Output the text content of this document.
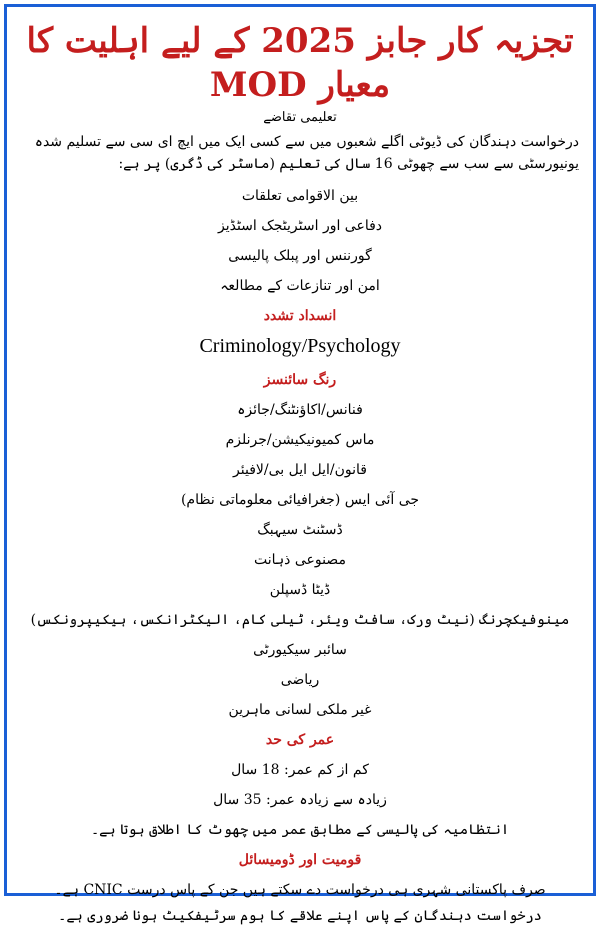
تجزیہ کار جابز 2025 کے لیے اہلیت کا معیار MOD
تعلیمی تقاضے
درخواست دہندگان کی ڈیوٹی اگلے شعبوں میں سے کسی ایک میں ایچ ای سی سے تسلیم شدہ یونیورسٹی سے سب سے چھوٹی 16 سال کی تعلیم (ماسٹر کی ڈگری) پر ہے:
بین الاقوامی تعلقات
دفاعی اور اسٹریٹجک اسٹڈیز
گورننس اور پبلک پالیسی
امن اور تنازعات کے مطالعہ
انسداد تشدد
Criminology/Psychology
رنگ سائنسز
فنانس/اکاؤنٹنگ/جائزہ
ماس کمیونیکیشن/جرنلزم
قانون/ایل ایل بی/لافیئر
جی آئی ایس (جغرافیائی معلوماتی نظام)
ڈسٹنٹ سیہبگ
مصنوعی ذہانت
ڈیٹا ڈسپلن
مینوفیکچرنگ (نیٹ ورک، سافٹ ویئر، ٹیلی کام، الیکٹرانکس، ہیکیپرونکس)
سائبر سیکیورٹی
ریاضی
غیر ملکی لسانی ماہرین
عمر کی حد
کم از کم عمر: 18 سال
زیادہ سے زیادہ عمر: 35 سال
انتظامیہ کی پالیسی کے مطابق عمر میں چھوٹ کا اطلاق ہوتا ہے۔
قومیت اور ڈومیسائل
صرف پاکستانی شہری ہی درخواست دے سکتے ہیں جن کے پاس درست CNIC ہے۔
درخواست دہندگان کے پاس اپنے علاقے کا ہوم سرٹیفکیٹ ہونا ضروری ہے۔
